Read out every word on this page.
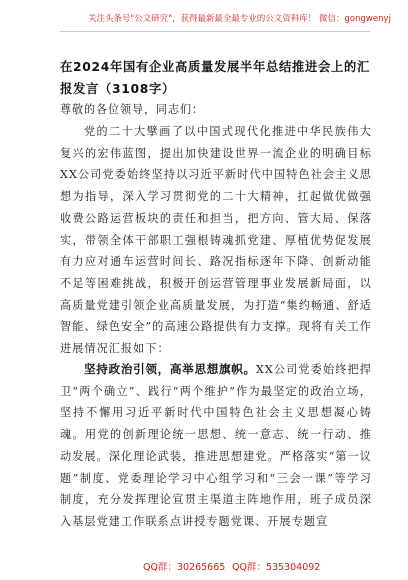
关注头条号"公文研究"，获得最新最全最专业的公文资料库！ 微信：gongwenyj
在2024年国有企业高质量发展半年总结推进会上的汇报发言（3108字）
尊敬的各位领导，同志们：
党的二十大擘画了以中国式现代化推进中华民族伟大复兴的宏伟蓝图，提出加快建设世界一流企业的明确目标XX公司党委始终坚持以习近平新时代中国特色社会主义思想为指导，深入学习贯彻党的二十大精神，扛起做优做强收费公路运营板块的责任和担当，把方向、管大局、保落实，带领全体干部职工强根铸魂抓党建、厚植优势促发展有力应对通车运营时间长、路况指标逐年下降、创新动能不足等困难挑战，积极开创运营管理事业发展新局面，以高质量党建引领企业高质量发展，为打造“集约畅通、舒适智能、绿色安全”的高速公路提供有力支撑。现将有关工作进展情况汇报如下：
坚持政治引领，高举思想旗帜。XX公司党委始终把捍卫“两个确立”、践行“两个维护”作为最坚定的政治立场，坚持不懈用习近平新时代中国特色社会主义思想凝心铸魂。用党的创新理论统一思想、统一意志、统一行动、推动发展。深化理论武装，推进思想建党。严格落实“第一议题”制度、党委理论学习中心组学习和“三会一课”等学习制度，充分发挥理论宣贯主渠道主阵地作用，班子成员深入基层党建工作联系点讲授专题党课、开展专题宣
QQ群：30265665 QQ群：535304092
